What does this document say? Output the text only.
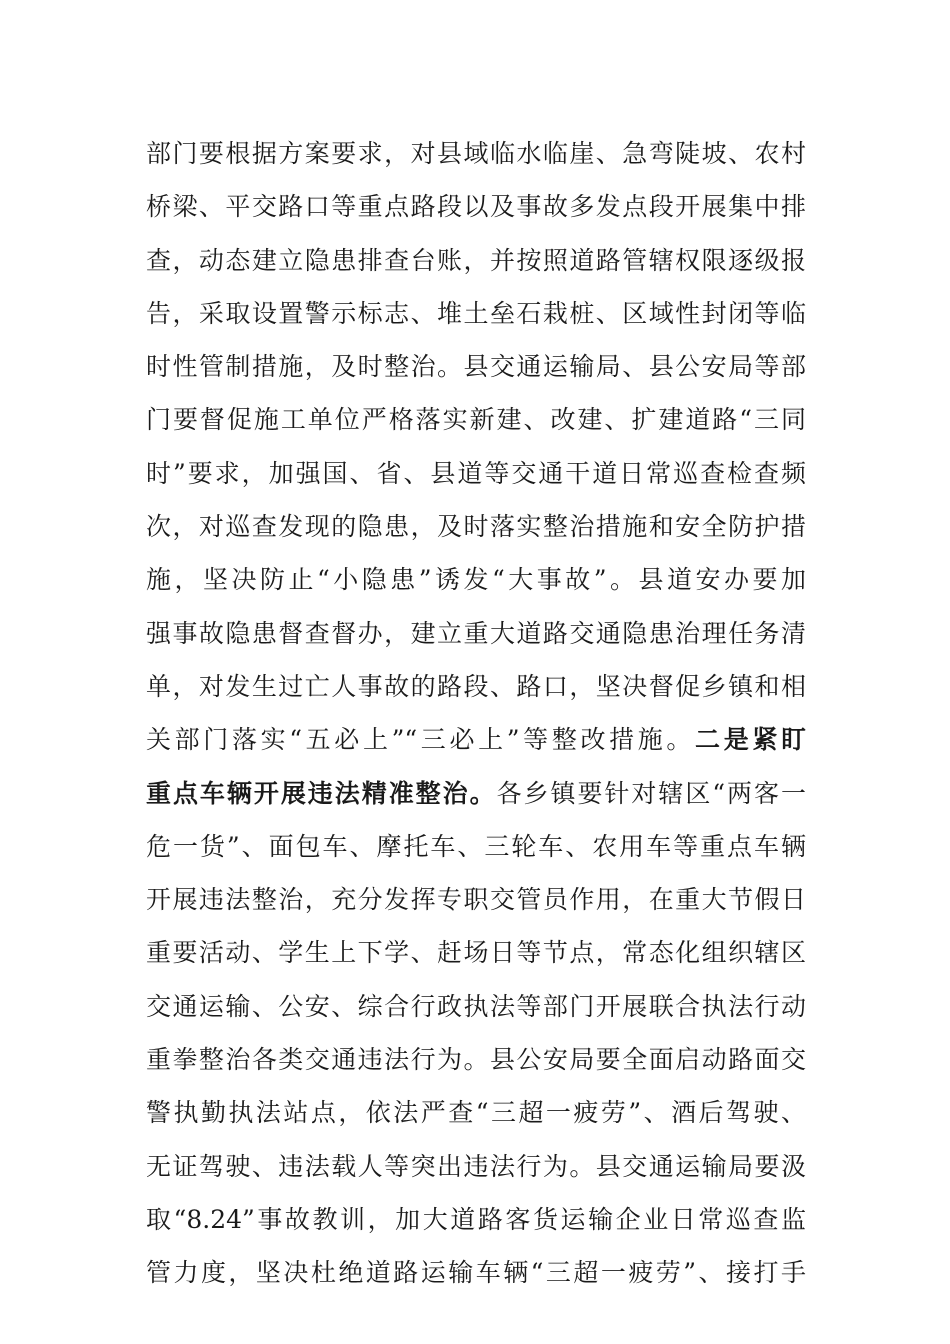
部门要根据方案要求，对县域临水临崖、急弯陡坡、农村
桥梁、平交路口等重点路段以及事故多发点段开展集中排
查，动态建立隐患排查台账，并按照道路管辖权限逐级报
告，采取设置警示标志、堆土垒石栽桩、区域性封闭等临
时性管制措施，及时整治。县交通运输局、县公安局等部
门要督促施工单位严格落实新建、改建、扩建道路“三同
时”要求，加强国、省、县道等交通干道日常巡查检查频
次，对巡查发现的隐患，及时落实整治措施和安全防护措
施，坚决防止“小隐患”诱发“大事故”。县道安办要加
强事故隐患督查督办，建立重大道路交通隐患治理任务清
单，对发生过亡人事故的路段、路口，坚决督促乡镇和相
关部门落实“五必上”“三必上”等整改措施。二是紧盯
重点车辆开展违法精准整治。各乡镇要针对辖区“两客一
危一货”、面包车、摩托车、三轮车、农用车等重点车辆
开展违法整治，充分发挥专职交管员作用，在重大节假日
重要活动、学生上下学、赶场日等节点，常态化组织辖区
交通运输、公安、综合行政执法等部门开展联合执法行动
重拳整治各类交通违法行为。县公安局要全面启动路面交
警执勤执法站点，依法严查“三超一疲劳”、酒后驾驶、
无证驾驶、违法载人等突出违法行为。县交通运输局要汲
取“8.24”事故教训，加大道路客货运输企业日常巡查监
管力度，坚决杜绝道路运输车辆“三超一疲劳”、接打手
